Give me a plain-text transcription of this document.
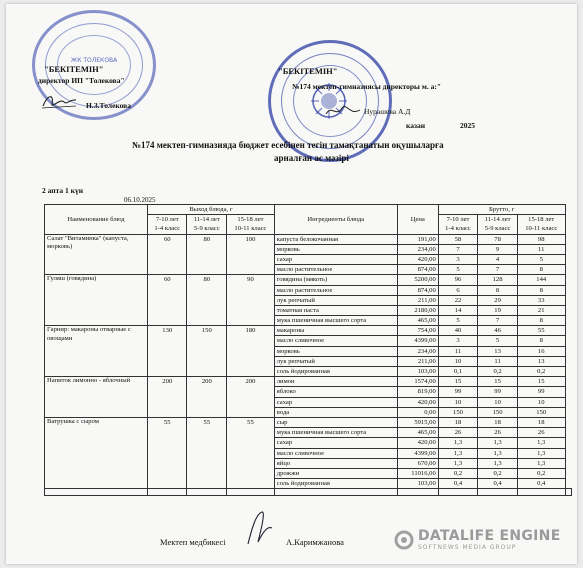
ЖК ТОЛЕКОВА
"БЕКІТЕМІН"
директор ИП "Толекова"
Н.З.Толекова
"БЕКІТЕМІН"
№174 мектеп-гимназиясы директоры м. а:"
Нурашева А.Д
казан	2025
№174 мектеп-гимназияда бюджет есебінен тегін тамақтанатын оқушыларға
арналған ас мәзірі
2 апта 1 күн
06.10.2025
Наименование блюд	Выход блюда, г			Ингредиенты блюда	Цена	Брутто, г			
	7-10 лет	11-14 лет	15-18 лет			7-10 лет	11-14 лет	15-18 лет	
	1-4 класс	5-9 класс	10-11 класс			1-4 класс	5-9 класс	10-11 класс	
Салат "Витаминка" (капуста, морковь)	60	80	100	капуста белокочанная	191,00	58	78	98	
				морковь	234,00	7	9	11	
				сахар	420,00	3	4	5	
				масло растительное	874,00	5	7	8	
Гуляш (говядина)	60	80	90	говядина (мякоть)	5200,00	96	128	144	
				масло растительное	874,00	6	8	8	
				лук репчатый	211,00	22	29	33	
				томатная паста	2180,00	14	19	21	
				мука пшеничная высшего сорта	465,00	5	7	8	
Гарнир: макароны отварные с овощами	130	150	180	макароны	754,00	40	46	55	
				масло сливочное	4399,00	3	5	8	
				морковь	234,00	11	13	16	
				лук репчатый	211,00	10	11	13	
				соль йодированная	103,00	0,1	0,2	0,2	
Напиток лимонно - яблочный	200	200	200	лимон	1574,00	15	15	15	
				яблоко	819,00	99	99	99	
				сахар	420,00	10	10	10	
				вода	0,00	150	150	150	
Ватрушка с сыром	55	55	55	сыр	5915,00	18	18	18	
				мука пшеничная высшего сорта	465,00	26	26	26	
				сахар	420,00	1,3	1,3	1,3	
				масло сливочное	4399,00	1,3	1,3	1,3	
				яйцо	670,00	1,3	1,3	1,3	
				дрожжи	11016,00	0,2	0,2	0,2	
				соль йодированная	103,00	0,4	0,4	0,4	

Мектеп медбикесі	А.Каримжанова	DATALIFE ENGINE
SOFTNEWS MEDIA GROUP
